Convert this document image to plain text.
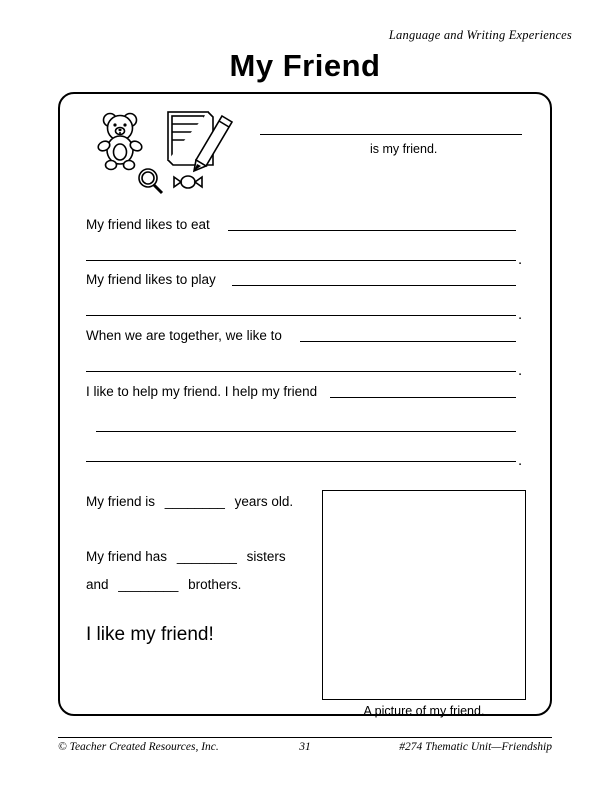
Language and Writing Experiences
My Friend
is my friend.
My friend likes to eat
.
My friend likes to play
.
When we are together, we like to
.
I like to help my friend. I help my friend
.
My friend is ________ years old.
My friend has ________ sisters
and ________ brothers.
I like my friend!
A picture of my friend.
© Teacher Created Resources, Inc.	31	#274 Thematic Unit—Friendship
